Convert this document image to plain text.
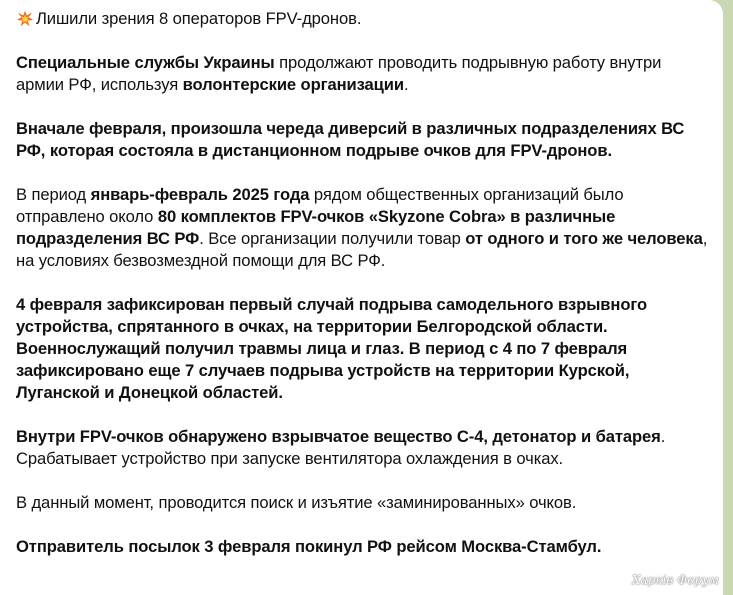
Лишили зрения 8 операторов FPV-дронов.

Специальные службы Украины продолжают проводить подрывную работу внутри армии РФ, используя волонтерские организации.

Вначале февраля, произошла череда диверсий в различных подразделениях ВС РФ, которая состояла в дистанционном подрыве очков для FPV-дронов.

В период январь-февраль 2025 года рядом общественных организаций было отправлено около 80 комплектов FPV-очков «Skyzone Cobra» в различные подразделения ВС РФ. Все организации получили товар от одного и того же человека, на условиях безвозмездной помощи для ВС РФ.

4 февраля зафиксирован первый случай подрыва самодельного взрывного устройства, спрятанного в очках, на территории Белгородской области. Военнослужащий получил травмы лица и глаз. В период с 4 по 7 февраля зафиксировано еще 7 случаев подрыва устройств на территории Курской, Луганской и Донецкой областей.

Внутри FPV-очков обнаружено взрывчатое вещество С-4, детонатор и батарея. Срабатывает устройство при запуске вентилятора охлаждения в очках.

В данный момент, проводится поиск и изъятие «заминированных» очков.

Отправитель посылок 3 февраля покинул РФ рейсом Москва-Стамбул.

Харків Форум
